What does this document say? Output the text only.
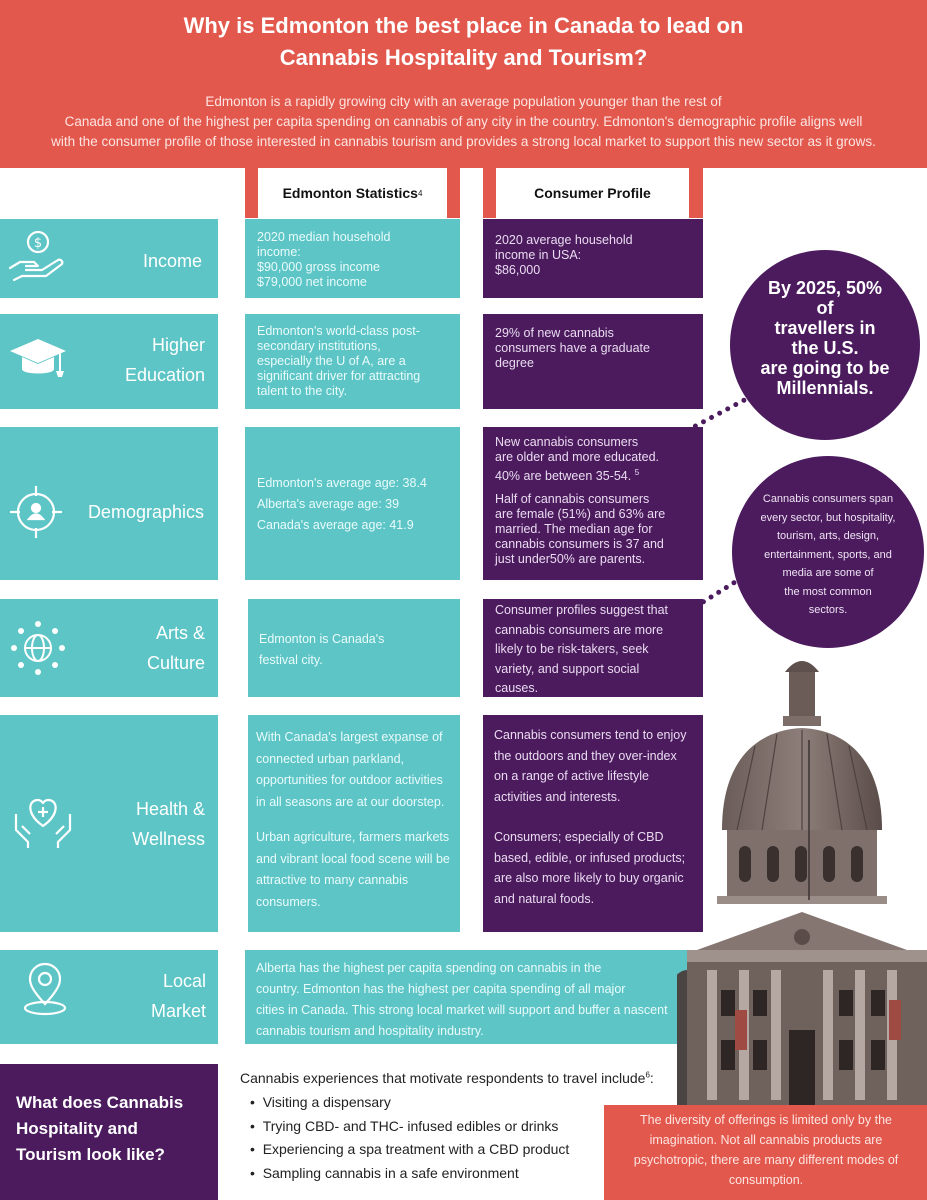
Why is Edmonton the best place in Canada to lead on
Cannabis Hospitality and Tourism?
Edmonton is a rapidly growing city with an average population younger than the rest of
Canada and one of the highest per capita spending on cannabis of any city in the country. Edmonton's demographic profile aligns well
with the consumer profile of those interested in cannabis tourism and provides a strong local market to support this new sector as it grows.
Edmonton Statistics 4	Consumer Profile
$
Income
2020 median household
income:
$90,000 gross income
$79,000 net income
2020 average household
income in USA:
$86,000
Higher
Education
Edmonton's world-class post-
secondary institutions,
especially the U of A, are a
significant driver for attracting
talent to the city.
29% of new cannabis
consumers have a graduate
degree
Demographics
Edmonton's average age: 38.4
Alberta's average age: 39
Canada's average age: 41.9
New cannabis consumers
are older and more educated.
40% are between 35-54. $^5$
Half of cannabis consumers
are female (51%) and 63% are
married. The median age for
cannabis consumers is 37 and
just under50% are parents.
Arts &
Culture
Edmonton is Canada's
festival city.
Consumer profiles suggest that
cannabis consumers are more
likely to be risk-takers, seek
variety, and support social
causes.
Health &
Wellness
With Canada's largest expanse of
connected urban parkland,
opportunities for outdoor activities
in all seasons are at our doorstep.
Urban agriculture, farmers markets
and vibrant local food scene will be
attractive to many cannabis
consumers.
Cannabis consumers tend to enjoy
the outdoors and they over-index
on a range of active lifestyle
activities and interests.
Consumers; especially of CBD
based, edible, or infused products;
are also more likely to buy organic
and natural foods.
Local
Market
Alberta has the highest per capita spending on cannabis in the
country. Edmonton has the highest per capita spending of all major
cities in Canada. This strong local market will support and buffer a nascent
cannabis tourism and hospitality industry.
By 2025, 50%
of
travellers in
the U.S.
are going to be
Millennials.
Cannabis consumers span
every sector, but hospitality,
tourism, arts, design,
entertainment, sports, and
media are some of
the most common
sectors.
What does Cannabis
Hospitality and
Tourism look like?
Cannabis experiences that motivate respondents to travel include$^6$:
•  Visiting a dispensary
•  Trying CBD- and THC- infused edibles or drinks
•  Experiencing a spa treatment with a CBD product
•  Sampling cannabis in a safe environment
The diversity of offerings is limited only by the
imagination. Not all cannabis products are
psychotropic, there are many different modes of
consumption.
